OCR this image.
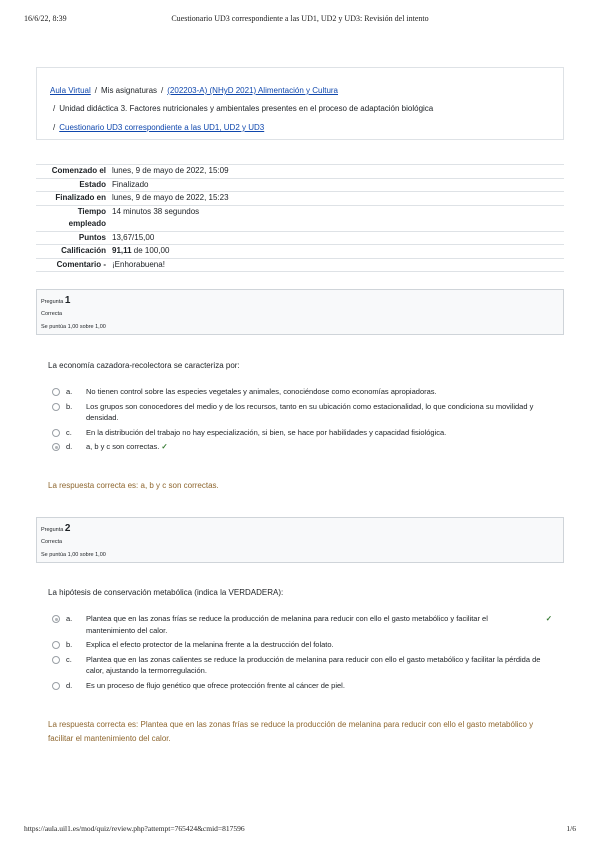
16/6/22, 8:39	Cuestionario UD3 correspondiente a las UD1, UD2 y UD3: Revisión del intento
Aula Virtual / Mis asignaturas / (202203-A) (NHyD 2021) Alimentación y Cultura
/ Unidad didáctica 3. Factores nutricionales y ambientales presentes en el proceso de adaptación biológica
/ Cuestionario UD3 correspondiente a las UD1, UD2 y UD3
Comenzado el lunes, 9 de mayo de 2022, 15:09
Estado Finalizado
Finalizado en lunes, 9 de mayo de 2022, 15:23
Tiempo empleado
14 minutos 38 segundos
Puntos 13,67/15,00
Calificación 91,11 de 100,00
Comentario - ¡Enhorabuena!
Pregunta 1
Correcta
Se puntúa 1,00 sobre 1,00
La economía cazadora-recolectora se caracteriza por:
a.	No tienen control sobre las especies vegetales y animales, conociéndose como economías apropiadoras.
b.	Los grupos son conocedores del medio y de los recursos, tanto en su ubicación como estacionalidad, lo que condiciona su movilidad y densidad.
c.	En la distribución del trabajo no hay especialización, si bien, se hace por habilidades y capacidad fisiológica.
d.	a, b y c son correctas. ✓
La respuesta correcta es: a, b y c son correctas.
Pregunta 2
Correcta
Se puntúa 1,00 sobre 1,00
La hipótesis de conservación metabólica (indica la VERDADERA):
a.	Plantea que en las zonas frías se reduce la producción de melanina para reducir con ello el gasto metabólico y facilitar el mantenimiento del calor.
✓
b.	Explica el efecto protector de la melanina frente a la destrucción del folato.
c.	Plantea que en las zonas calientes se reduce la producción de melanina para reducir con ello el gasto metabólico y facilitar la pérdida de calor, ajustando la termorregulación.
d.	Es un proceso de flujo genético que ofrece protección frente al cáncer de piel.
La respuesta correcta es: Plantea que en las zonas frías se reduce la producción de melanina para reducir con ello el gasto metabólico y facilitar el mantenimiento del calor.
https://aula.uil1.es/mod/quiz/review.php?attempt=765424&cmid=817596	1/6
